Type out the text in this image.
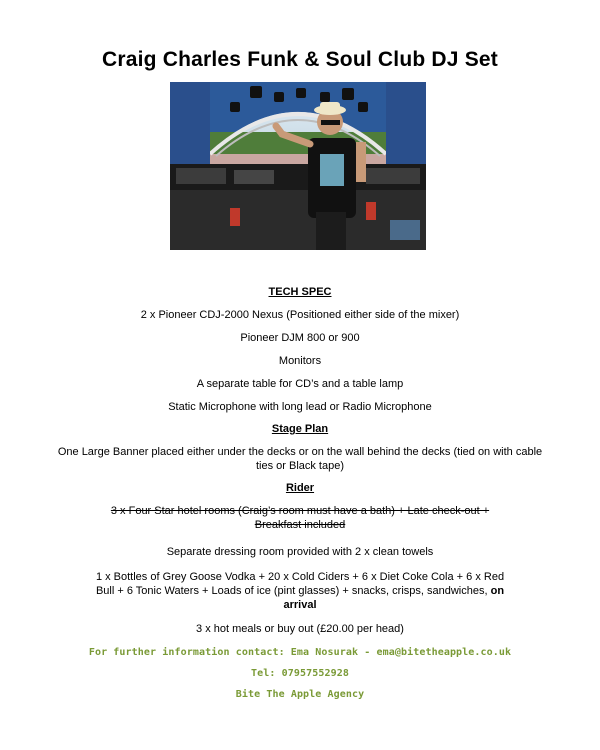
Craig Charles Funk & Soul Club DJ Set
TECH SPEC
2 x Pioneer CDJ-2000 Nexus (Positioned either side of the mixer)
Pioneer DJM 800 or 900
Monitors
A separate table for CD’s and a table lamp
Static Microphone with long lead or Radio Microphone
Stage Plan
One Large Banner placed either under the decks or on the wall behind the decks (tied on with cable ties or Black tape)
Rider
3 x Four Star hotel rooms (Craig’s room must have a bath) + Late check-out + Breakfast included
Separate dressing room provided with 2 x clean towels
1 x Bottles of Grey Goose Vodka + 20 x Cold Ciders + 6 x Diet Coke Cola + 6 x Red Bull + 6 Tonic Waters + Loads of ice (pint glasses) + snacks, crisps, sandwiches, on arrival
3 x hot meals or buy out (£20.00 per head)
For further information contact: Ema Nosurak - ema@bitetheapple.co.uk
Tel: 07957552928
Bite The Apple Agency
